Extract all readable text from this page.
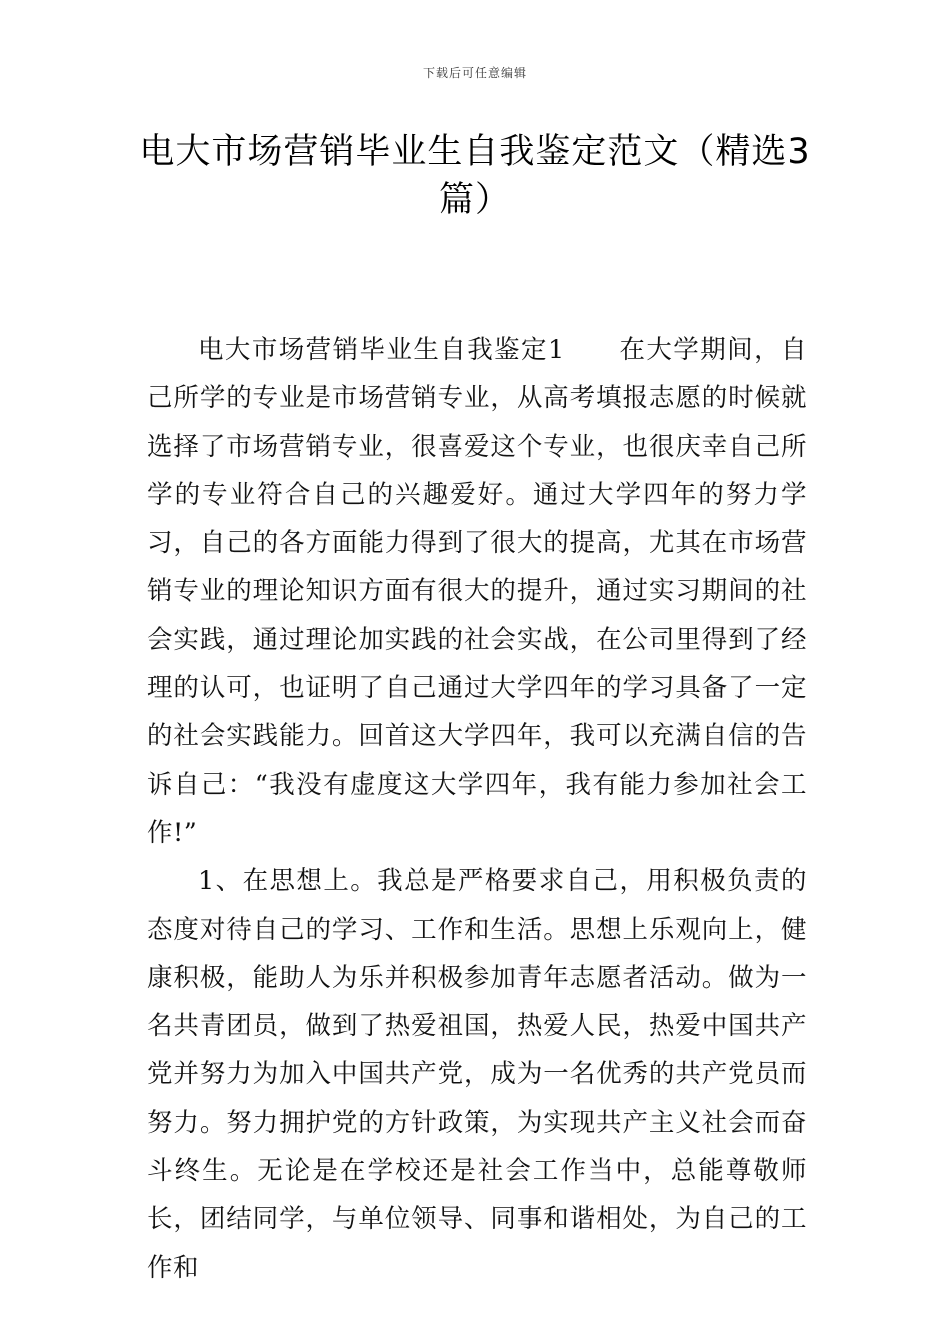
下载后可任意编辑
电大市场营销毕业生自我鉴定范文（精选3篇）

电大市场营销毕业生自我鉴定1　　在大学期间，自己所学的专业是市场营销专业，从高考填报志愿的时候就选择了市场营销专业，很喜爱这个专业，也很庆幸自己所学的专业符合自己的兴趣爱好。通过大学四年的努力学习，自己的各方面能力得到了很大的提高，尤其在市场营销专业的理论知识方面有很大的提升，通过实习期间的社会实践，通过理论加实践的社会实战，在公司里得到了经理的认可，也证明了自己通过大学四年的学习具备了一定的社会实践能力。回首这大学四年，我可以充满自信的告诉自己：“我没有虚度这大学四年，我有能力参加社会工作!”

1、在思想上。我总是严格要求自己，用积极负责的态度对待自己的学习、工作和生活。思想上乐观向上，健康积极，能助人为乐并积极参加青年志愿者活动。做为一名共青团员，做到了热爱祖国，热爱人民，热爱中国共产党并努力为加入中国共产党，成为一名优秀的共产党员而努力。努力拥护党的方针政策，为实现共产主义社会而奋斗终生。无论是在学校还是社会工作当中，总能尊敬师长，团结同学，与单位领导、同事和谐相处，为自己的工作和
